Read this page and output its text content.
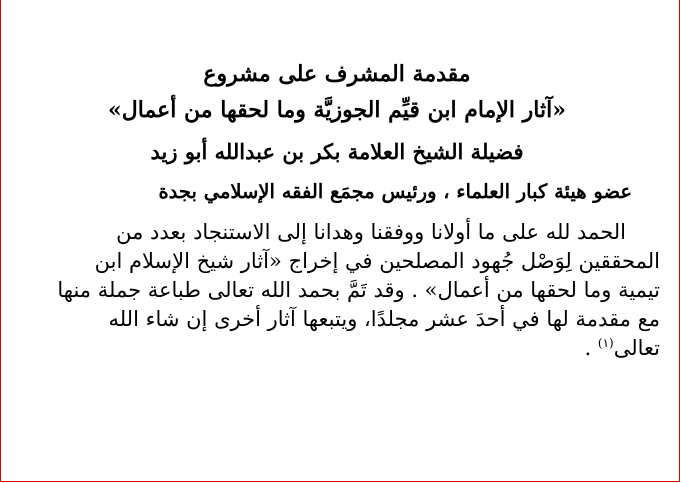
مقدمة المشرف على مشروع

«آثار الإمام ابن قيِّم الجوزيَّة وما لحقها من أعمال»

فضيلة الشيخ العلامة بكر بن عبدالله أبو زيد

عضو هيئة كبار العلماء ، ورئيس مجمَع الفقه الإسلامي بجدة

الحمد لله على ما أولانا ووفقنا وهدانا إلى الاستنجاد بعدد من
المحققين لِوَصْل جُهود المصلحين في إخراج «آثار شيخ الإسلام ابن
تيمية وما لحقها من أعمال» . وقد تَمَّ بحمد الله تعالى طباعة جملة منها
مع مقدمة لها في أحدَ عشر مجلدًا، ويتبعها آثار أخرى إن شاء الله
تعالى$^{(١)}$ .
